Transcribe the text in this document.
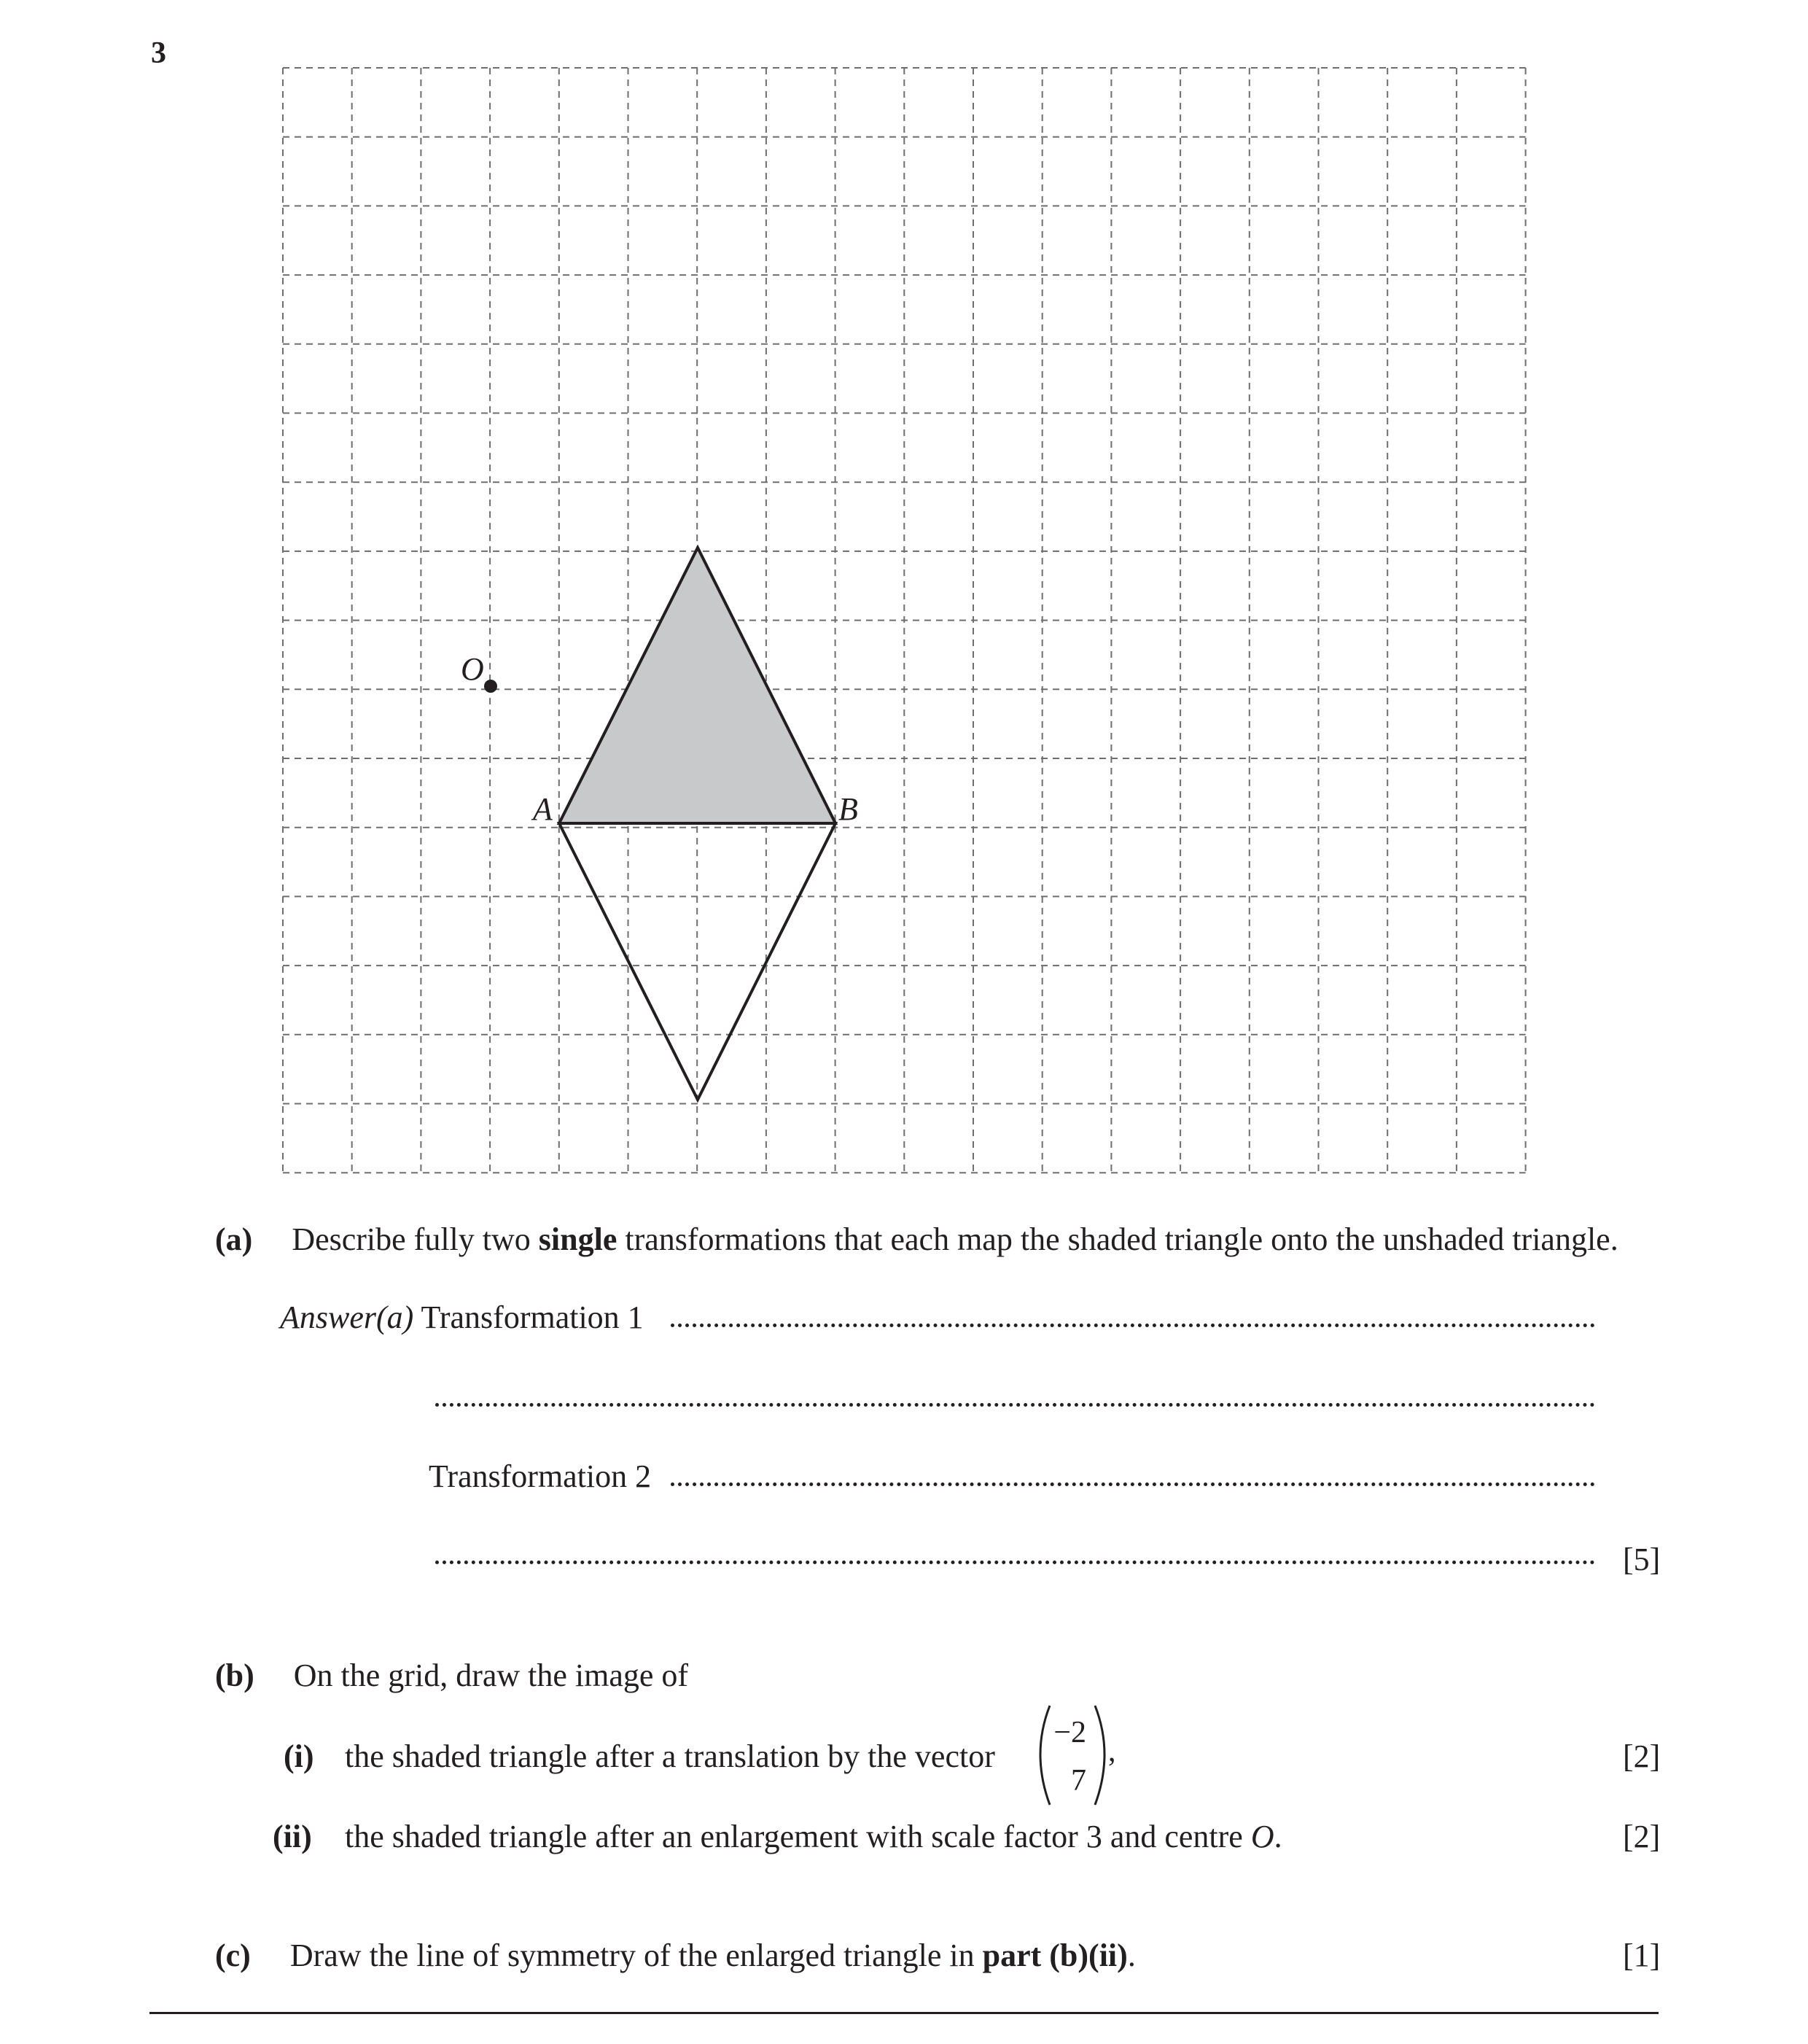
3
O
A	B
(a) Describe fully two single transformations that each map the shaded triangle onto the unshaded triangle.
Answer(a) Transformation 1
Transformation 2
[5]
(b) On the grid, draw the image of
(i) the shaded triangle after a translation by the vector
−2
7
,	[2]
(ii) the shaded triangle after an enlargement with scale factor 3 and centre O.	[2]
(c) Draw the line of symmetry of the enlarged triangle in part (b)(ii).	[1]
